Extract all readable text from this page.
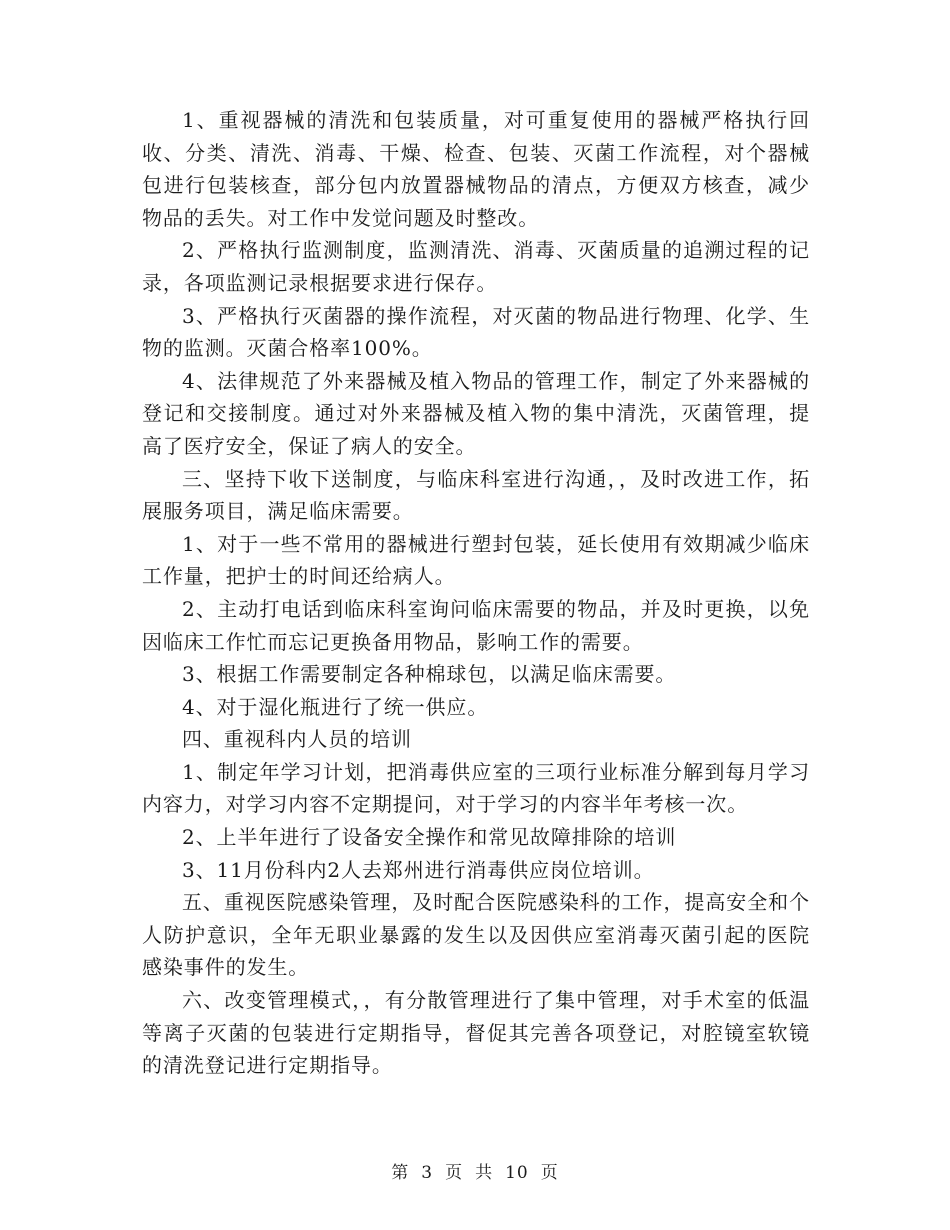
1、重视器械的清洗和包装质量，对可重复使用的器械严格执行回收、分类、清洗、消毒、干燥、检查、包装、灭菌工作流程，对个器械包进行包装核查，部分包内放置器械物品的清点，方便双方核查，减少物品的丢失。对工作中发觉问题及时整改。

2、严格执行监测制度，监测清洗、消毒、灭菌质量的追溯过程的记录，各项监测记录根据要求进行保存。

3、严格执行灭菌器的操作流程，对灭菌的物品进行物理、化学、生物的监测。灭菌合格率100%。

4、法律规范了外来器械及植入物品的管理工作，制定了外来器械的登记和交接制度。通过对外来器械及植入物的集中清洗，灭菌管理，提高了医疗安全，保证了病人的安全。

三、坚持下收下送制度，与临床科室进行沟通，，及时改进工作，拓展服务项目，满足临床需要。

1、对于一些不常用的器械进行塑封包装，延长使用有效期减少临床工作量，把护士的时间还给病人。

2、主动打电话到临床科室询问临床需要的物品，并及时更换，以免因临床工作忙而忘记更换备用物品，影响工作的需要。

3、根据工作需要制定各种棉球包，以满足临床需要。

4、对于湿化瓶进行了统一供应。

四、重视科内人员的培训

1、制定年学习计划，把消毒供应室的三项行业标准分解到每月学习内容力，对学习内容不定期提问，对于学习的内容半年考核一次。

2、上半年进行了设备安全操作和常见故障排除的培训

3、11月份科内2人去郑州进行消毒供应岗位培训。

五、重视医院感染管理，及时配合医院感染科的工作，提高安全和个人防护意识，全年无职业暴露的发生以及因供应室消毒灭菌引起的医院感染事件的发生。

六、改变管理模式，，有分散管理进行了集中管理，对手术室的低温等离子灭菌的包装进行定期指导，督促其完善各项登记，对腔镜室软镜的清洗登记进行定期指导。

第 3 页 共 10 页
